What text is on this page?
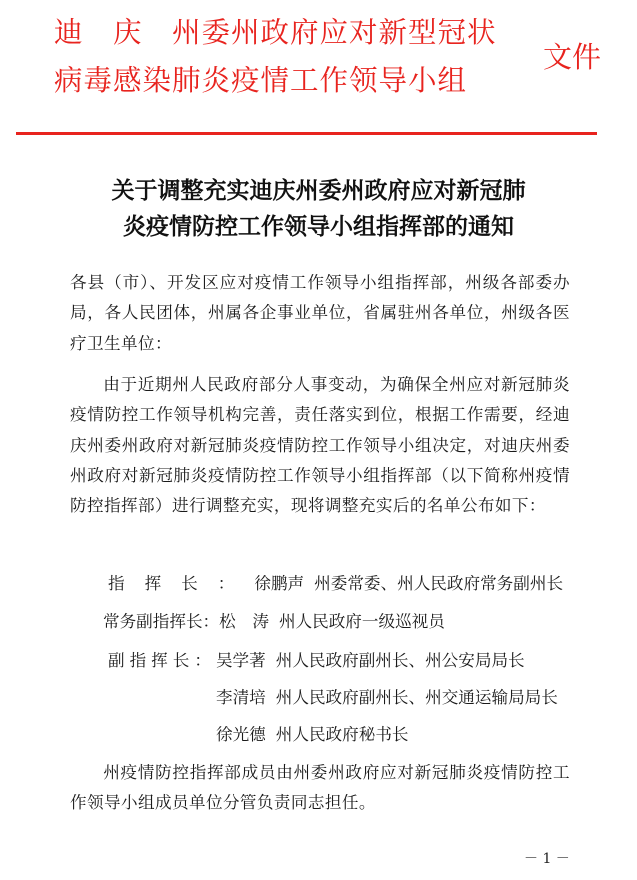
迪　庆　州委州政府应对新型冠状
病毒感染肺炎疫情工作领导小组
文件
关于调整充实迪庆州委州政府应对新冠肺
炎疫情防控工作领导小组指挥部的通知
各县（市）、开发区应对疫情工作领导小组指挥部，州级各部委办局，各人民团体，州属各企事业单位，省属驻州各单位，州级各医疗卫生单位：
由于近期州人民政府部分人事变动，为确保全州应对新冠肺炎疫情防控工作领导机构完善，责任落实到位，根据工作需要，经迪庆州委州政府对新冠肺炎疫情防控工作领导小组决定，对迪庆州委州政府对新冠肺炎疫情防控工作领导小组指挥部（以下简称州疫情防控指挥部）进行调整充实，现将调整充实后的名单公布如下：
指挥长：徐鹏声 州委常委、州人民政府常务副州长
常务副指挥长：松　涛 州人民政府一级巡视员
副指挥长：吴学著 州人民政府副州长、州公安局局长
李清培 州人民政府副州长、州交通运输局局长
徐光德 州人民政府秘书长
州疫情防控指挥部成员由州委州政府应对新冠肺炎疫情防控工作领导小组成员单位分管负责同志担任。
－ 1 －
